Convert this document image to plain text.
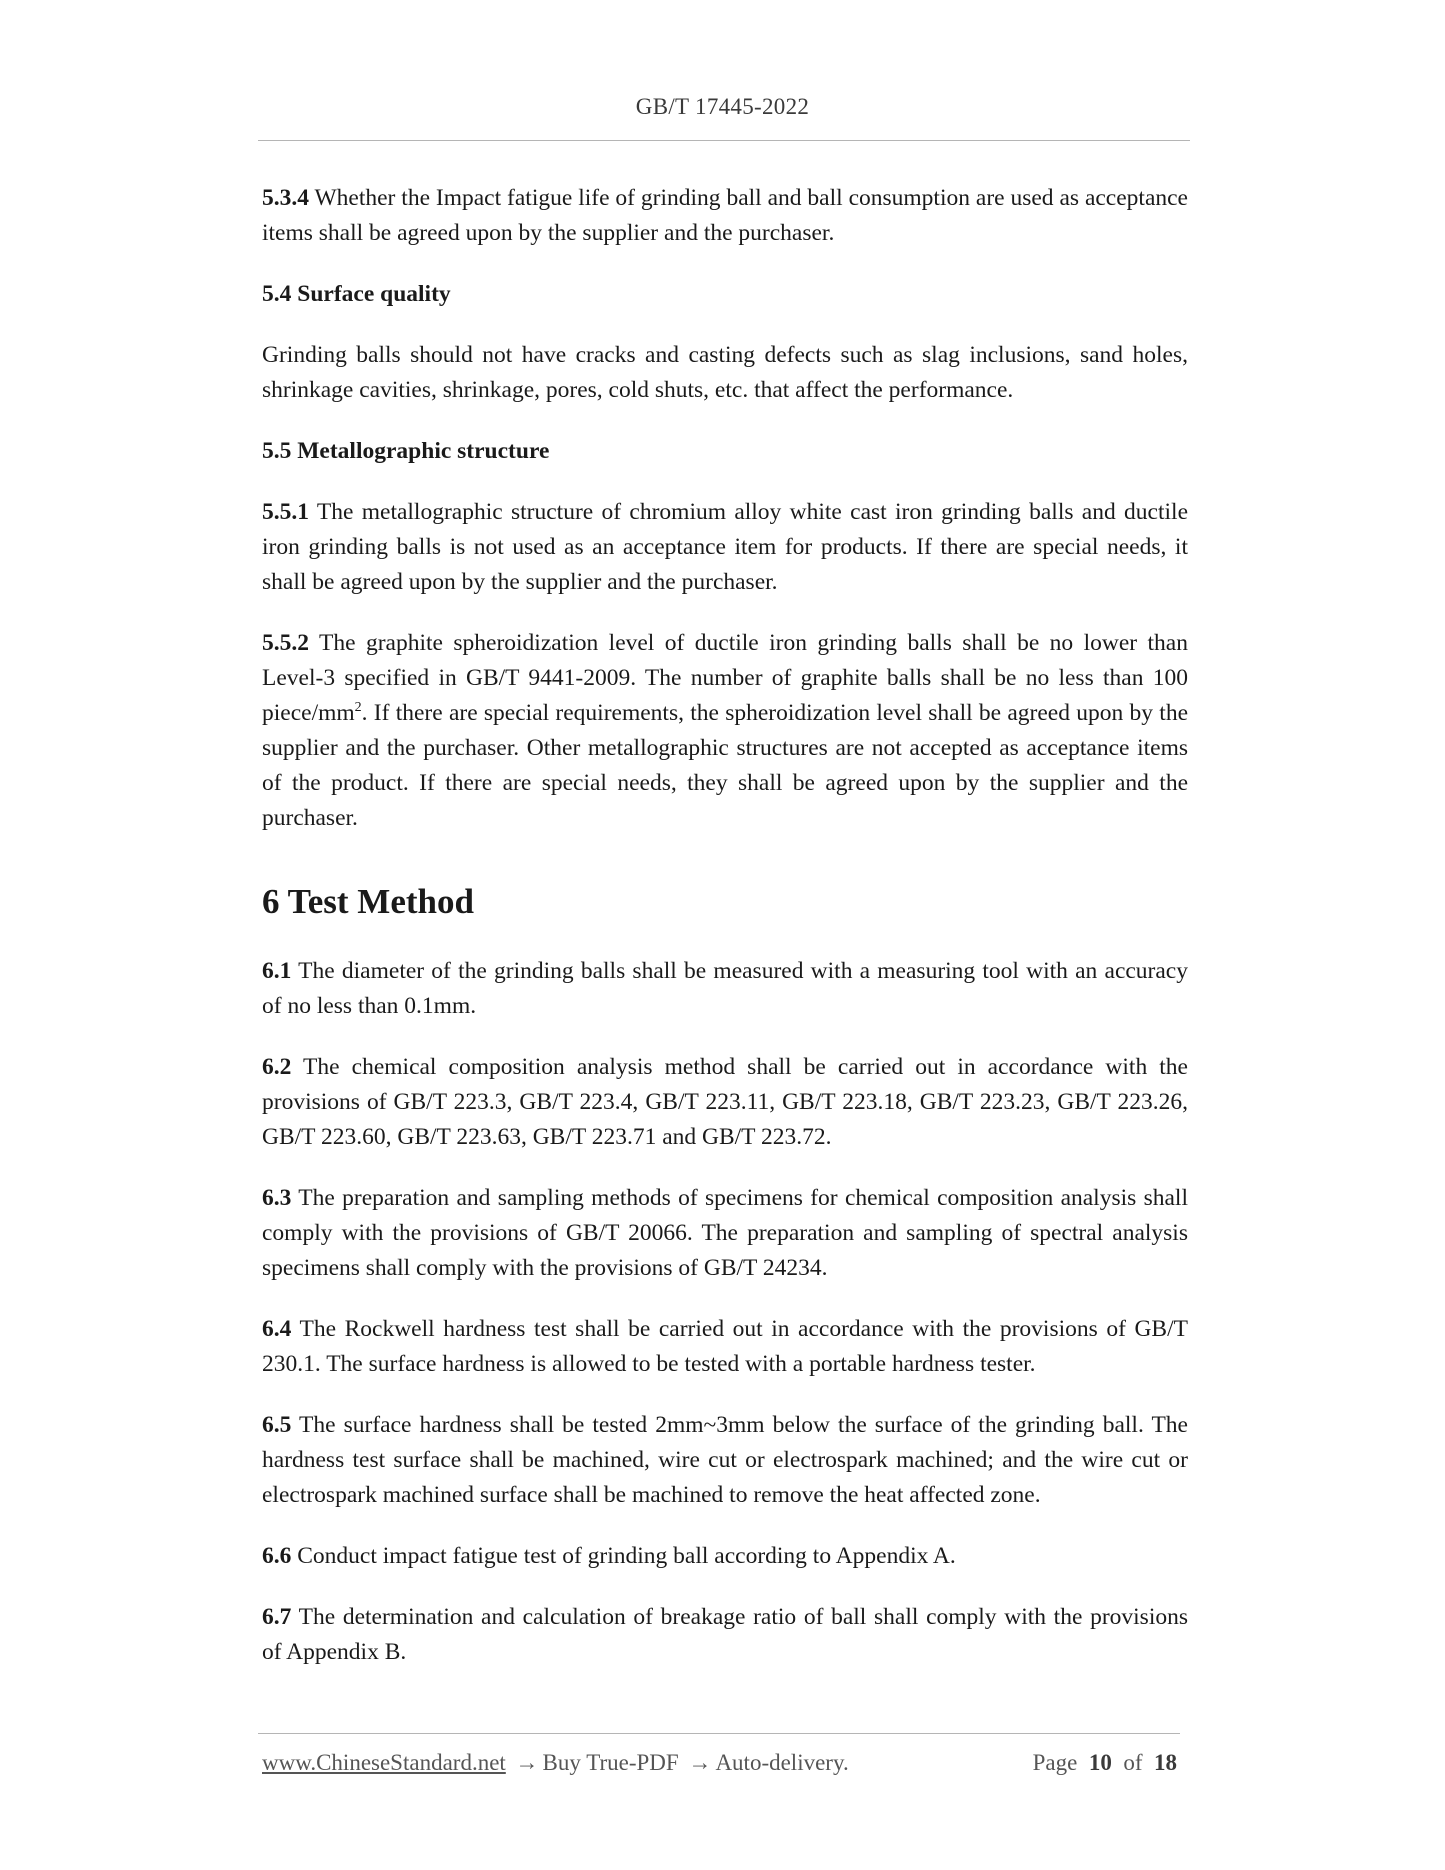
GB/T 17445-2022

5.3.4 Whether the Impact fatigue life of grinding ball and ball consumption are used as acceptance items shall be agreed upon by the supplier and the purchaser.

5.4 Surface quality

Grinding balls should not have cracks and casting defects such as slag inclusions, sand holes, shrinkage cavities, shrinkage, pores, cold shuts, etc. that affect the performance.

5.5 Metallographic structure

5.5.1 The metallographic structure of chromium alloy white cast iron grinding balls and ductile iron grinding balls is not used as an acceptance item for products. If there are special needs, it shall be agreed upon by the supplier and the purchaser.

5.5.2 The graphite spheroidization level of ductile iron grinding balls shall be no lower than Level-3 specified in GB/T 9441-2009. The number of graphite balls shall be no less than 100 piece/$mm^2$. If there are special requirements, the spheroidization level shall be agreed upon by the supplier and the purchaser. Other metallographic structures are not accepted as acceptance items of the product. If there are special needs, they shall be agreed upon by the supplier and the purchaser.

6 Test Method

6.1 The diameter of the grinding balls shall be measured with a measuring tool with an accuracy of no less than 0.1mm.

6.2 The chemical composition analysis method shall be carried out in accordance with the provisions of GB/T 223.3, GB/T 223.4, GB/T 223.11, GB/T 223.18, GB/T 223.23, GB/T 223.26, GB/T 223.60, GB/T 223.63, GB/T 223.71 and GB/T 223.72.

6.3 The preparation and sampling methods of specimens for chemical composition analysis shall comply with the provisions of GB/T 20066. The preparation and sampling of spectral analysis specimens shall comply with the provisions of GB/T 24234.

6.4 The Rockwell hardness test shall be carried out in accordance with the provisions of GB/T 230.1. The surface hardness is allowed to be tested with a portable hardness tester.

6.5 The surface hardness shall be tested 2mm~3mm below the surface of the grinding ball. The hardness test surface shall be machined, wire cut or electrospark machined; and the wire cut or electrospark machined surface shall be machined to remove the heat affected zone.

6.6 Conduct impact fatigue test of grinding ball according to Appendix A.

6.7 The determination and calculation of breakage ratio of ball shall comply with the provisions of Appendix B.

www.ChineseStandard.net → Buy True-PDF → Auto-delivery.	Page 10 of 18
